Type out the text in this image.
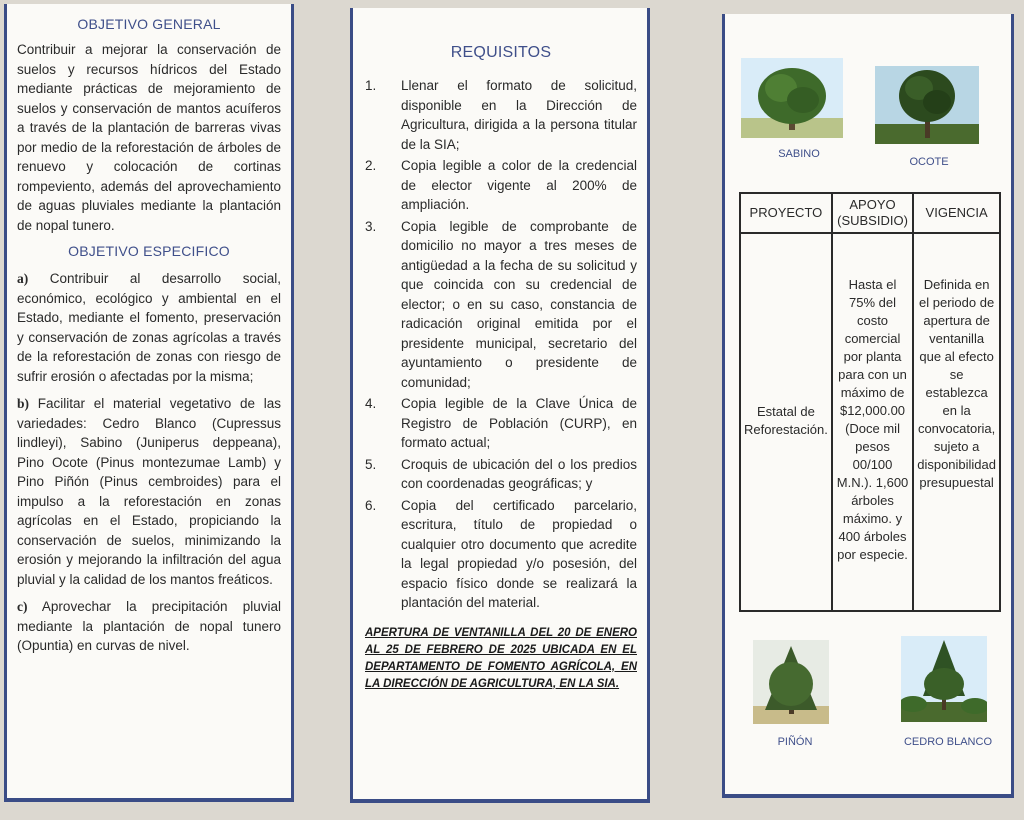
OBJETIVO GENERAL

Contribuir a mejorar la conservación de suelos y recursos hídricos del Estado mediante prácticas de mejoramiento de suelos y conservación de mantos acuíferos a través de la plantación de barreras vivas por medio de la reforestación de árboles de renuevo y colocación de cortinas rompeviento, además del aprovechamiento de aguas pluviales mediante la plantación de nopal tunero.

OBJETIVO ESPECIFICO

a) Contribuir al desarrollo social, económico, ecológico y ambiental en el Estado, mediante el fomento, preservación y conservación de zonas agrícolas a través de la reforestación de zonas con riesgo de sufrir erosión o afectadas por la misma;

b) Facilitar el material vegetativo de las variedades: Cedro Blanco (Cupressus lindleyi), Sabino (Juniperus deppeana), Pino Ocote (Pinus montezumae Lamb) y Pino Piñón (Pinus cembroides) para el impulso a la reforestación en zonas agrícolas en el Estado, propiciando la conservación de suelos, minimizando la erosión y mejorando la infiltración del agua pluvial y la calidad de los mantos freáticos.

c) Aprovechar la precipitación pluvial mediante la plantación de nopal tunero (Opuntia) en curvas de nivel.

REQUISITOS
1.	Llenar el formato de solicitud, disponible en la Dirección de Agricultura, dirigida a la persona titular de la SIA;
2.	Copia legible a color de la credencial de elector vigente al 200% de ampliación.
3.	Copia legible de comprobante de domicilio no mayor a tres meses de antigüedad a la fecha de su solicitud y que coincida con su credencial de elector; o en su caso, constancia de radicación original emitida por el presidente municipal, secretario del ayuntamiento o presidente de comunidad;
4.	Copia legible de la Clave Única de Registro de Población (CURP), en formato actual;
5.	Croquis de ubicación del o los predios con coordenadas geográficas; y
6.	Copia del certificado parcelario, escritura, título de propiedad o cualquier otro documento que acredite la legal propiedad y/o posesión, del espacio físico donde se realizará la plantación del material.

APERTURA DE VENTANILLA DEL 20 DE ENERO AL 25 DE FEBRERO DE 2025 UBICADA EN EL DEPARTAMENTO DE FOMENTO AGRÍCOLA, EN LA DIRECCIÓN DE AGRICULTURA, EN LA SIA.

SABINO
OCOTE
PROYECTO	APOYO (SUBSIDIO)	VIGENCIA
Estatal de Reforestación.	Hasta el 75% del costo comercial por planta para con un máximo de $12,000.00 (Doce mil pesos 00/100 M.N.). 1,600 árboles máximo. y 400 árboles por especie.	Definida en el periodo de apertura de ventanilla que al efecto se establezca en la convocatoria, sujeto a disponibilidad presupuestal
PIÑÓN	CEDRO BLANCO
